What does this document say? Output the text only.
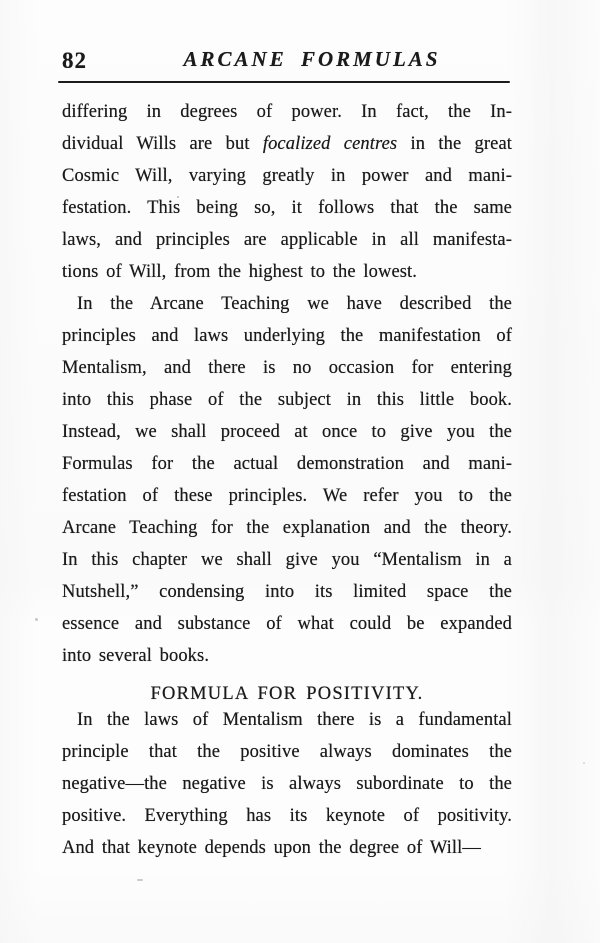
82	ARCANE FORMULAS
differing in degrees of power. In fact, the In-
dividual Wills are but focalized centres in the great
Cosmic Will, varying greatly in power and mani-
festation. This being so, it follows that the same
laws, and principles are applicable in all manifesta-
tions of Will, from the highest to the lowest.
In the Arcane Teaching we have described the
principles and laws underlying the manifestation of
Mentalism, and there is no occasion for entering
into this phase of the subject in this little book.
Instead, we shall proceed at once to give you the
Formulas for the actual demonstration and mani-
festation of these principles. We refer you to the
Arcane Teaching for the explanation and the theory.
In this chapter we shall give you “Mentalism in a
Nutshell,” condensing into its limited space the
essence and substance of what could be expanded
into several books.
FORMULA FOR POSITIVITY.
In the laws of Mentalism there is a fundamental
principle that the positive always dominates the
negative—the negative is always subordinate to the
positive. Everything has its keynote of positivity.
And that keynote depends upon the degree of Will—
